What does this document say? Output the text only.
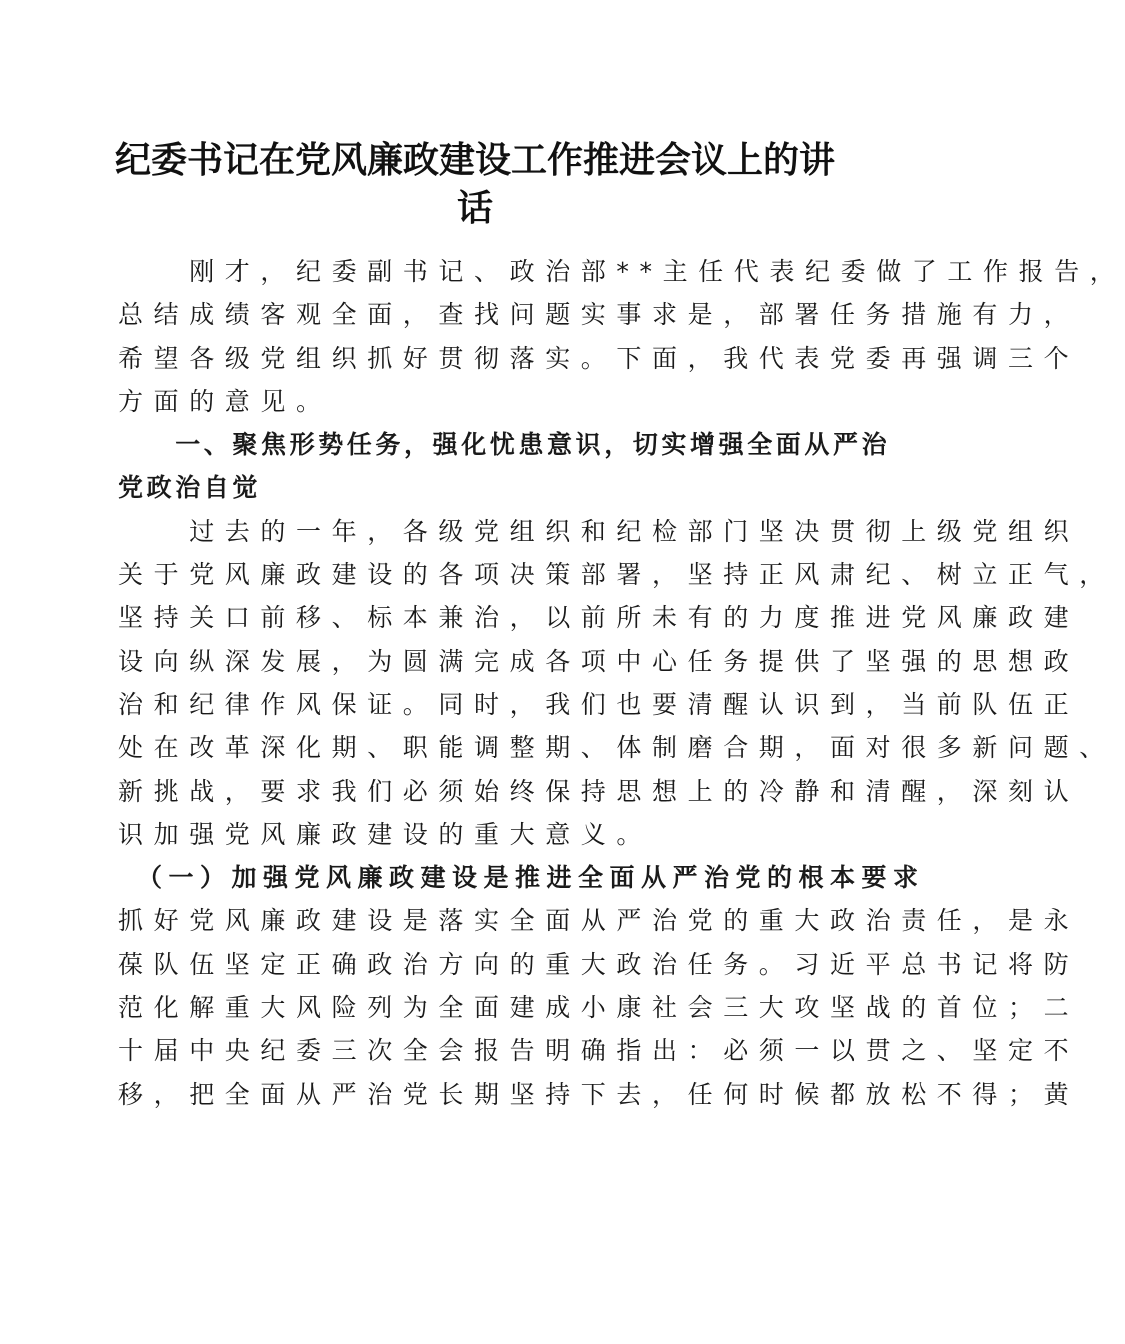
纪委书记在党风廉政建设工作推进会议上的讲
话
　　刚才，纪委副书记、政治部**主任代表纪委做了工作报告，
总结成绩客观全面，查找问题实事求是，部署任务措施有力，
希望各级党组织抓好贯彻落实。下面，我代表党委再强调三个
方面的意见。
　　一、聚焦形势任务，强化忧患意识，切实增强全面从严治
党政治自觉
　　过去的一年，各级党组织和纪检部门坚决贯彻上级党组织
关于党风廉政建设的各项决策部署，坚持正风肃纪、树立正气，
坚持关口前移、标本兼治，以前所未有的力度推进党风廉政建
设向纵深发展，为圆满完成各项中心任务提供了坚强的思想政
治和纪律作风保证。同时，我们也要清醒认识到，当前队伍正
处在改革深化期、职能调整期、体制磨合期，面对很多新问题、
新挑战，要求我们必须始终保持思想上的冷静和清醒，深刻认
识加强党风廉政建设的重大意义。
　（一）加强党风廉政建设是推进全面从严治党的根本要求
抓好党风廉政建设是落实全面从严治党的重大政治责任，是永
葆队伍坚定正确政治方向的重大政治任务。习近平总书记将防
范化解重大风险列为全面建成小康社会三大攻坚战的首位；二
十届中央纪委三次全会报告明确指出：必须一以贯之、坚定不
移，把全面从严治党长期坚持下去，任何时候都放松不得；黄
